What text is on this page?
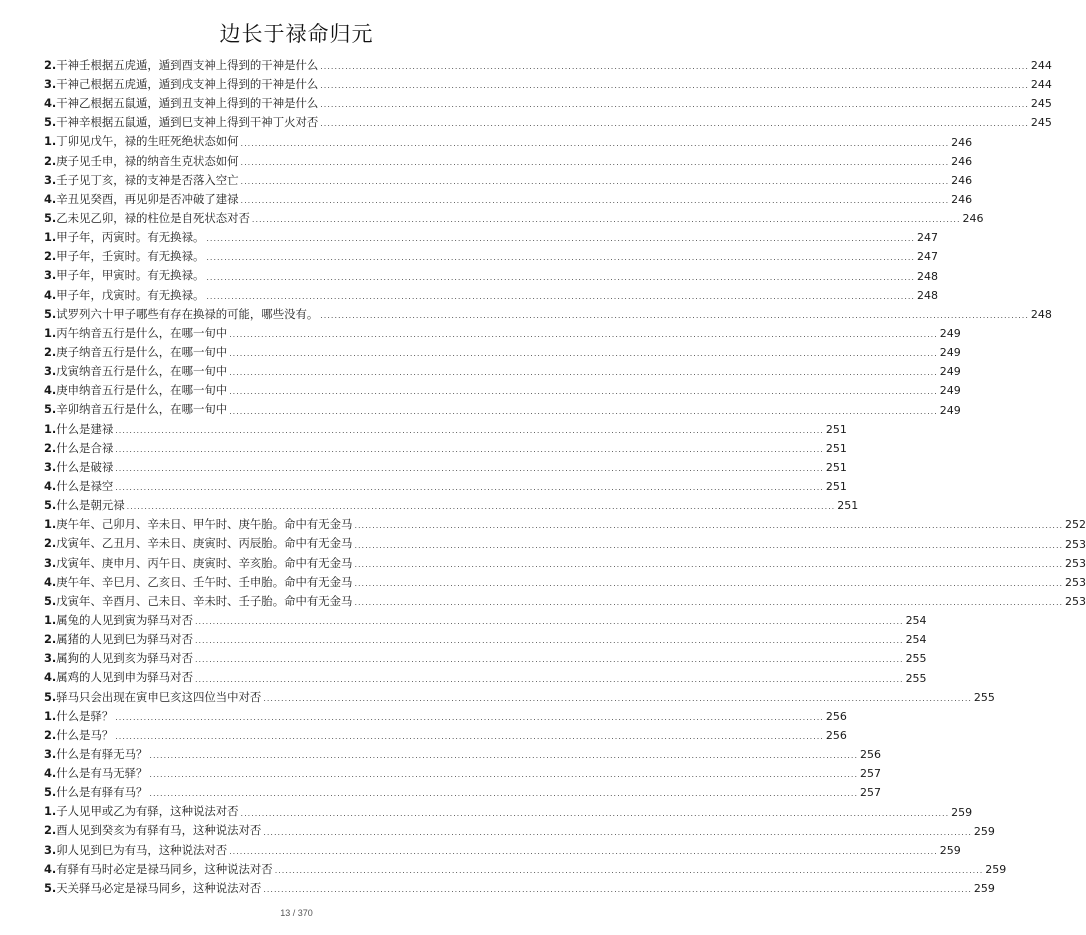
边长于禄命归元
2.干神壬根据五虎遁，遁到酉支神上得到的干神是什么 ........................................................................................................................................................................................................ 244
3.干神己根据五虎遁，遁到戌支神上得到的干神是什么 ........................................................................................................................................................................................................ 244
4.干神乙根据五鼠遁，遁到丑支神上得到的干神是什么 ........................................................................................................................................................................................................ 245
5.干神辛根据五鼠遁，遁到巳支神上得到干神丁火对否 ........................................................................................................................................................................................................ 245
1.丁卯见戊午，禄的生旺死绝状态如何 ........................................................................................................................................................................................................ 246
2.庚子见壬申，禄的纳音生克状态如何 ........................................................................................................................................................................................................ 246
3.壬子见丁亥，禄的支神是否落入空亡 ........................................................................................................................................................................................................ 246
4.辛丑见癸酉，再见卯是否冲破了建禄 ........................................................................................................................................................................................................ 246
5.乙未见乙卯，禄的柱位是自死状态对否 ........................................................................................................................................................................................................ 246
1.甲子年，丙寅时。有无换禄。 ........................................................................................................................................................................................................ 247
2.甲子年，壬寅时。有无换禄。 ........................................................................................................................................................................................................ 247
3.甲子年，甲寅时。有无换禄。 ........................................................................................................................................................................................................ 248
4.甲子年，戊寅时。有无换禄。 ........................................................................................................................................................................................................ 248
5.试罗列六十甲子哪些有存在换禄的可能，哪些没有。 ........................................................................................................................................................................................................ 248
1.丙午纳音五行是什么，在哪一旬中 ........................................................................................................................................................................................................ 249
2.庚子纳音五行是什么，在哪一旬中 ........................................................................................................................................................................................................ 249
3.戊寅纳音五行是什么，在哪一旬中 ........................................................................................................................................................................................................ 249
4.庚申纳音五行是什么，在哪一旬中 ........................................................................................................................................................................................................ 249
5.辛卯纳音五行是什么，在哪一旬中 ........................................................................................................................................................................................................ 249
1.什么是建禄 ........................................................................................................................................................................................................ 251
2.什么是合禄 ........................................................................................................................................................................................................ 251
3.什么是破禄 ........................................................................................................................................................................................................ 251
4.什么是禄空 ........................................................................................................................................................................................................ 251
5.什么是朝元禄 ........................................................................................................................................................................................................ 251
1.庚午年、己卯月、辛未日、甲午时、庚午胎。命中有无金马 ........................................................................................................................................................................................................ 252
2.戊寅年、乙丑月、辛未日、庚寅时、丙辰胎。命中有无金马 ........................................................................................................................................................................................................ 253
3.戊寅年、庚申月、丙午日、庚寅时、辛亥胎。命中有无金马 ........................................................................................................................................................................................................ 253
4.庚午年、辛巳月、乙亥日、壬午时、壬申胎。命中有无金马 ........................................................................................................................................................................................................ 253
5.戊寅年、辛酉月、己未日、辛未时、壬子胎。命中有无金马 ........................................................................................................................................................................................................ 253
1.属兔的人见到寅为驿马对否 ........................................................................................................................................................................................................ 254
2.属猪的人见到巳为驿马对否 ........................................................................................................................................................................................................ 254
3.属狗的人见到亥为驿马对否 ........................................................................................................................................................................................................ 255
4.属鸡的人见到申为驿马对否 ........................................................................................................................................................................................................ 255
5.驿马只会出现在寅申巳亥这四位当中对否 ........................................................................................................................................................................................................ 255
1.什么是驿？ ........................................................................................................................................................................................................ 256
2.什么是马？ ........................................................................................................................................................................................................ 256
3.什么是有驿无马？ ........................................................................................................................................................................................................ 256
4.什么是有马无驿？ ........................................................................................................................................................................................................ 257
5.什么是有驿有马？ ........................................................................................................................................................................................................ 257
1.子人见甲或乙为有驿，这种说法对否 ........................................................................................................................................................................................................ 259
2.酉人见到癸亥为有驿有马，这种说法对否 ........................................................................................................................................................................................................ 259
3.卯人见到巳为有马，这种说法对否 ........................................................................................................................................................................................................ 259
4.有驿有马时必定是禄马同乡，这种说法对否 ........................................................................................................................................................................................................ 259
5.天关驿马必定是禄马同乡，这种说法对否 ........................................................................................................................................................................................................ 259
13 / 370
